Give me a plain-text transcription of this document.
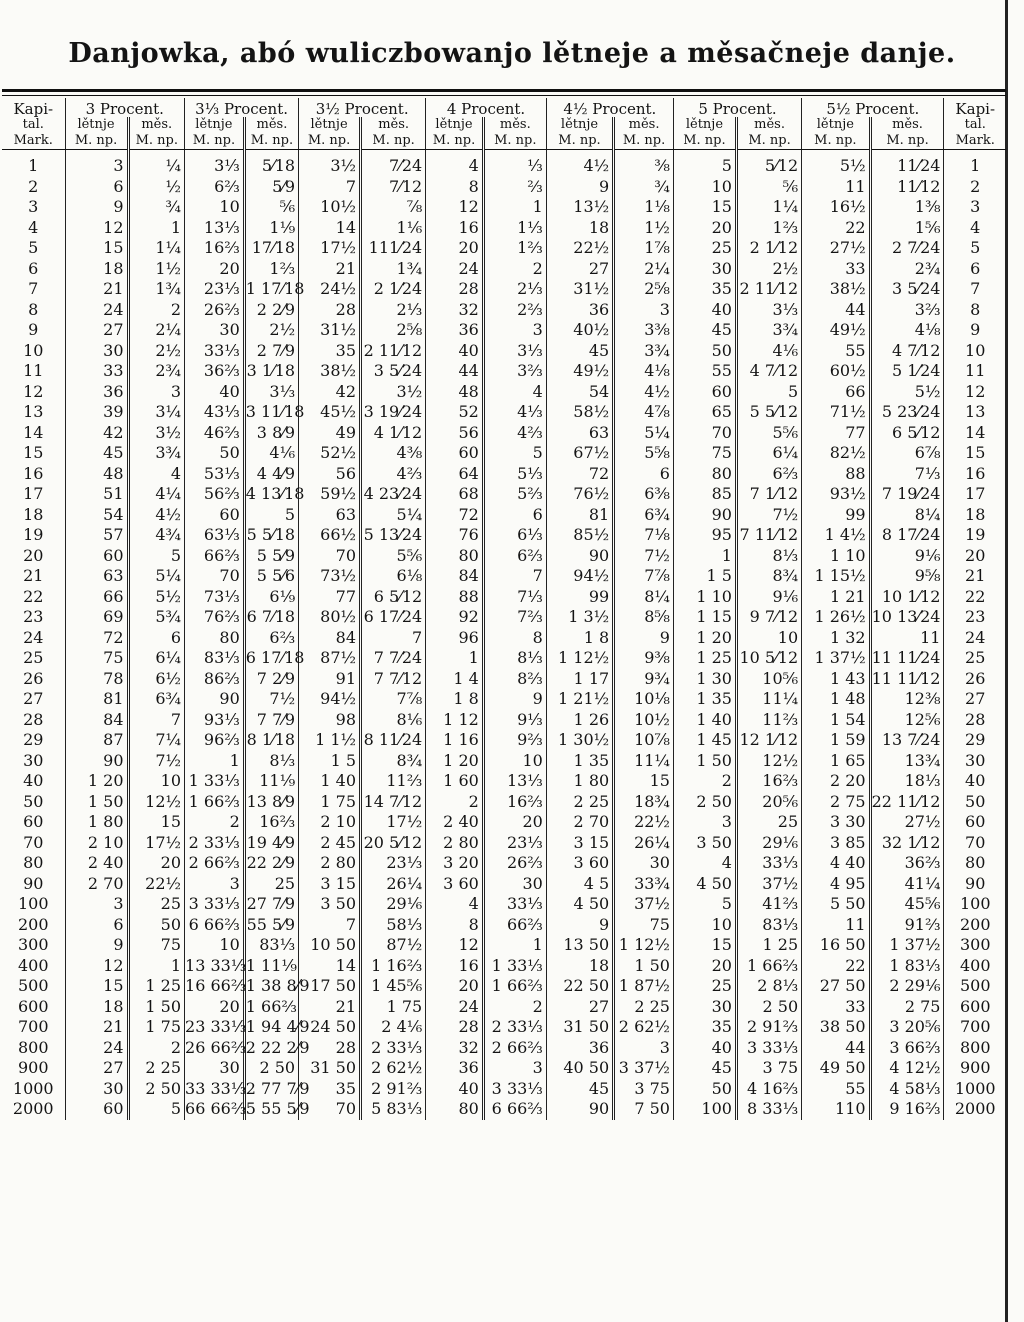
Danjowka, abó wuliczbowanjo lětneje a měsačneje danje.
Kapi-	3 Procent.		3⅓ Procent.		3½ Procent.		4 Procent.		4½ Procent.		5 Procent.		5½ Procent.		Kapi-
tal.	lětnje	měs.	lětnje	měs.	lětnje	měs.	lětnje	měs.	lětnje	měs.	lětnje	měs.	lětnje	měs.	tal.
Mark.	M. np.	M. np.	M. np.	M. np.	M. np.	M. np.	M. np.	M. np.	M. np.	M. np.	M. np.	M. np.	M. np.	M. np.	Mark.
1	3	¼	3⅓	5⁄18	3½	7⁄24	4	⅓	4½	⅜	5	5⁄12	5½	11⁄24	1
2	6	½	6⅔	5⁄9	7	7⁄12	8	⅔	9	¾	10	⅚	11	11⁄12	2
3	9	¾	10	⅚	10½	⅞	12	1	13½	1⅛	15	1¼	16½	1⅜	3
4	12	1	13⅓	1⅑	14	1⅙	16	1⅓	18	1½	20	1⅔	22	1⅚	4
5	15	1¼	16⅔	17⁄18	17½	111⁄24	20	1⅔	22½	1⅞	25	2 1⁄12	27½	2 7⁄24	5
6	18	1½	20	1⅔	21	1¾	24	2	27	2¼	30	2½	33	2¾	6
7	21	1¾	23⅓	1 17⁄18	24½	2 1⁄24	28	2⅓	31½	2⅝	35	2 11⁄12	38½	3 5⁄24	7
8	24	2	26⅔	2 2⁄9	28	2⅓	32	2⅔	36	3	40	3⅓	44	3⅔	8
9	27	2¼	30	2½	31½	2⅝	36	3	40½	3⅜	45	3¾	49½	4⅛	9
10	30	2½	33⅓	2 7⁄9	35	2 11⁄12	40	3⅓	45	3¾	50	4⅙	55	4 7⁄12	10
11	33	2¾	36⅔	3 1⁄18	38½	3 5⁄24	44	3⅔	49½	4⅛	55	4 7⁄12	60½	5 1⁄24	11
12	36	3	40	3⅓	42	3½	48	4	54	4½	60	5	66	5½	12
13	39	3¼	43⅓	3 11⁄18	45½	3 19⁄24	52	4⅓	58½	4⅞	65	5 5⁄12	71½	5 23⁄24	13
14	42	3½	46⅔	3 8⁄9	49	4 1⁄12	56	4⅔	63	5¼	70	5⅚	77	6 5⁄12	14
15	45	3¾	50	4⅙	52½	4⅜	60	5	67½	5⅝	75	6¼	82½	6⅞	15
16	48	4	53⅓	4 4⁄9	56	4⅔	64	5⅓	72	6	80	6⅔	88	7⅓	16
17	51	4¼	56⅔	4 13⁄18	59½	4 23⁄24	68	5⅔	76½	6⅜	85	7 1⁄12	93½	7 19⁄24	17
18	54	4½	60	5	63	5¼	72	6	81	6¾	90	7½	99	8¼	18
19	57	4¾	63⅓	5 5⁄18	66½	5 13⁄24	76	6⅓	85½	7⅛	95	7 11⁄12	1 4½	8 17⁄24	19
20	60	5	66⅔	5 5⁄9	70	5⅚	80	6⅔	90	7½	1	8⅓	1 10	9⅙	20
21	63	5¼	70	5 5⁄6	73½	6⅛	84	7	94½	7⅞	1 5	8¾	1 15½	9⅝	21
22	66	5½	73⅓	6⅑	77	6 5⁄12	88	7⅓	99	8¼	1 10	9⅙	1 21	10 1⁄12	22
23	69	5¾	76⅔	6 7⁄18	80½	6 17⁄24	92	7⅔	1 3½	8⅝	1 15	9 7⁄12	1 26½	10 13⁄24	23
24	72	6	80	6⅔	84	7	96	8	1 8	9	1 20	10	1 32	11	24
25	75	6¼	83⅓	6 17⁄18	87½	7 7⁄24	1	8⅓	1 12½	9⅜	1 25	10 5⁄12	1 37½	11 11⁄24	25
26	78	6½	86⅔	7 2⁄9	91	7 7⁄12	1 4	8⅔	1 17	9¾	1 30	10⅚	1 43	11 11⁄12	26
27	81	6¾	90	7½	94½	7⅞	1 8	9	1 21½	10⅛	1 35	11¼	1 48	12⅜	27
28	84	7	93⅓	7 7⁄9	98	8⅙	1 12	9⅓	1 26	10½	1 40	11⅔	1 54	12⅚	28
29	87	7¼	96⅔	8 1⁄18	1 1½	8 11⁄24	1 16	9⅔	1 30½	10⅞	1 45	12 1⁄12	1 59	13 7⁄24	29
30	90	7½	1	8⅓	1 5	8¾	1 20	10	1 35	11¼	1 50	12½	1 65	13¾	30
40	1 20	10	1 33⅓	11⅑	1 40	11⅔	1 60	13⅓	1 80	15	2	16⅔	2 20	18⅓	40
50	1 50	12½	1 66⅔	13 8⁄9	1 75	14 7⁄12	2	16⅔	2 25	18¾	2 50	20⅚	2 75	22 11⁄12	50
60	1 80	15	2	16⅔	2 10	17½	2 40	20	2 70	22½	3	25	3 30	27½	60
70	2 10	17½	2 33⅓	19 4⁄9	2 45	20 5⁄12	2 80	23⅓	3 15	26¼	3 50	29⅙	3 85	32 1⁄12	70
80	2 40	20	2 66⅔	22 2⁄9	2 80	23⅓	3 20	26⅔	3 60	30	4	33⅓	4 40	36⅔	80
90	2 70	22½	3	25	3 15	26¼	3 60	30	4 5	33¾	4 50	37½	4 95	41¼	90
100	3	25	3 33⅓	27 7⁄9	3 50	29⅙	4	33⅓	4 50	37½	5	41⅔	5 50	45⅚	100
200	6	50	6 66⅔	55 5⁄9	7	58⅓	8	66⅔	9	75	10	83⅓	11	91⅔	200
300	9	75	10	83⅓	10 50	87½	12	1	13 50	1 12½	15	1 25	16 50	1 37½	300
400	12	1	13 33⅓	1 11⅑	14	1 16⅔	16	1 33⅓	18	1 50	20	1 66⅔	22	1 83⅓	400
500	15	1 25	16 66⅔	1 38 8⁄9	17 50	1 45⅚	20	1 66⅔	22 50	1 87½	25	2 8⅓	27 50	2 29⅙	500
600	18	1 50	20	1 66⅔	21	1 75	24	2	27	2 25	30	2 50	33	2 75	600
700	21	1 75	23 33⅓	1 94 4⁄9	24 50	2 4⅙	28	2 33⅓	31 50	2 62½	35	2 91⅔	38 50	3 20⅚	700
800	24	2	26 66⅔	2 22 2⁄9	28	2 33⅓	32	2 66⅔	36	3	40	3 33⅓	44	3 66⅔	800
900	27	2 25	30	2 50	31 50	2 62½	36	3	40 50	3 37½	45	3 75	49 50	4 12½	900
1000	30	2 50	33 33⅓	2 77 7⁄9	35	2 91⅔	40	3 33⅓	45	3 75	50	4 16⅔	55	4 58⅓	1000
2000	60	5	66 66⅔	5 55 5⁄9	70	5 83⅓	80	6 66⅔	90	7 50	100	8 33⅓	110	9 16⅔	2000
